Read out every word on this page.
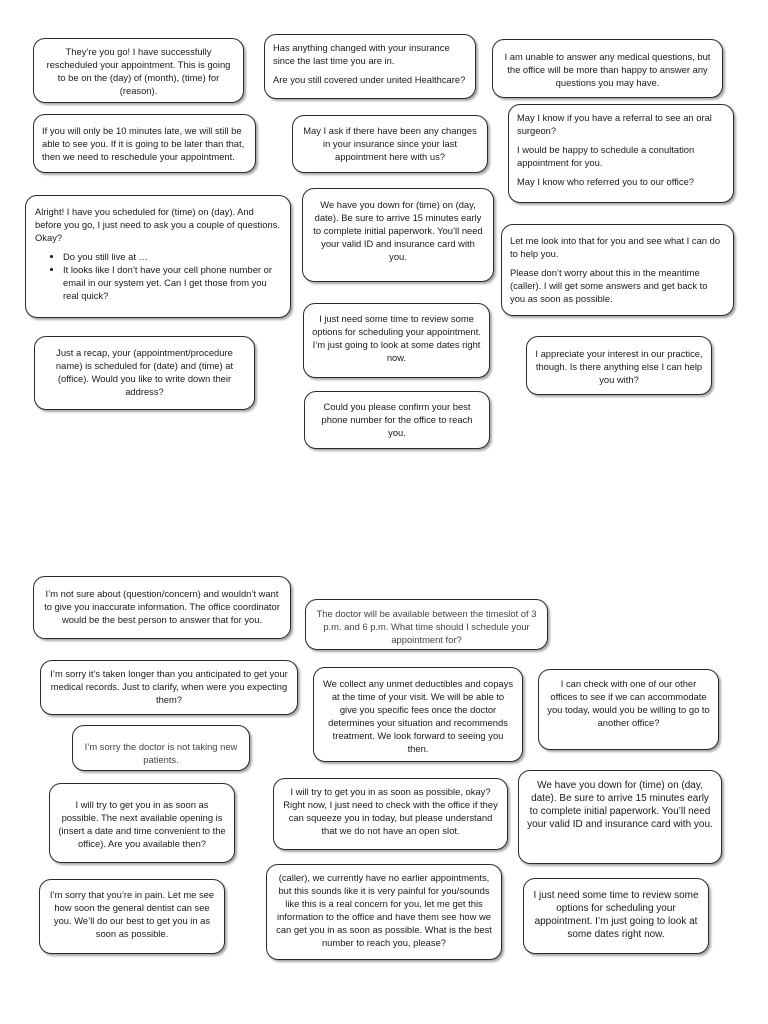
They’re you go! I have successfully rescheduled your appointment. This is going to be on the (day) of (month), (time) for (reason).

Has anything changed with your insurance since the last time you are in.

Are you still covered under united Healthcare?

I am unable to answer any medical questions, but the office will be more than happy to answer any questions you may have.

If you will only be 10 minutes late, we will still be able to see you. If it is going to be later than that, then we need to reschedule your appointment.

May I ask if there have been any changes in your insurance since your last appointment here with us?

May I know if you have a referral to see an oral surgeon?

I would be happy to schedule a conultation appointment for you.

May I know who referred you to our office?

We have you down for (time) on (day, date). Be sure to arrive 15 minutes early to complete initial paperwork. You’ll need your valid ID and insurance card with you.

Alright! I have you scheduled for (time) on (day). And before you go, I just need to ask you a couple of questions. Okay?

• Do you still live at …
• It looks like I don’t have your cell phone number or email in our system yet. Can I get those from you real quick?

Let me look into that for you and see what I can do to help you.

Please don’t worry about this in the meantime (caller). I will get some answers and get back to you as soon as possible.

I just need some time to review some options for scheduling your appointment. I’m just going to look at some dates right now.

Just a recap, your (appointment/procedure name) is scheduled for (date) and (time) at (office). Would you like to write down their address?

I appreciate your interest in our practice, though. Is there anything else I can help you with?

Could you please confirm your best phone number for the office to reach you.

I’m not sure about (question/concern) and wouldn’t want to give you inaccurate information. The office coordinator would be the best person to answer that for you.

The doctor will be available between the timeslot of 3 p.m. and 6 p.m. What time should I schedule your appointment for?

I’m sorry it’s taken longer than you anticipated to get your medical records. Just to clarify, when were you expecting them?

We collect any unmet deductibles and copays at the time of your visit. We will be able to give you specific fees once the doctor determines your situation and recommends treatment. We look forward to seeing you then.

I can check with one of our other offices to see if we can accommodate you today, would you be willing to go to another office?

I’m sorry the doctor is not taking new patients.

I will try to get you in as soon as possible, okay? Right now, I just need to check with the office if they can squeeze you in today, but please understand that we do not have an open slot.

We have you down for (time) on (day, date). Be sure to arrive 15 minutes early to complete initial paperwork. You’ll need your valid ID and insurance card with you.

I will try to get you in as soon as possible. The next available opening is (insert a date and time convenient to the office). Are you available then?

I’m sorry that you’re in pain. Let me see how soon the general dentist can see you. We’ll do our best to get you in as soon as possible.

(caller), we currently have no earlier appointments, but this sounds like it is very painful for you/sounds like this is a real concern for you, let me get this information to the office and have them see how we can get you in as soon as possible. What is the best number to reach you, please?

I just need some time to review some options for scheduling your appointment. I’m just going to look at some dates right now.
